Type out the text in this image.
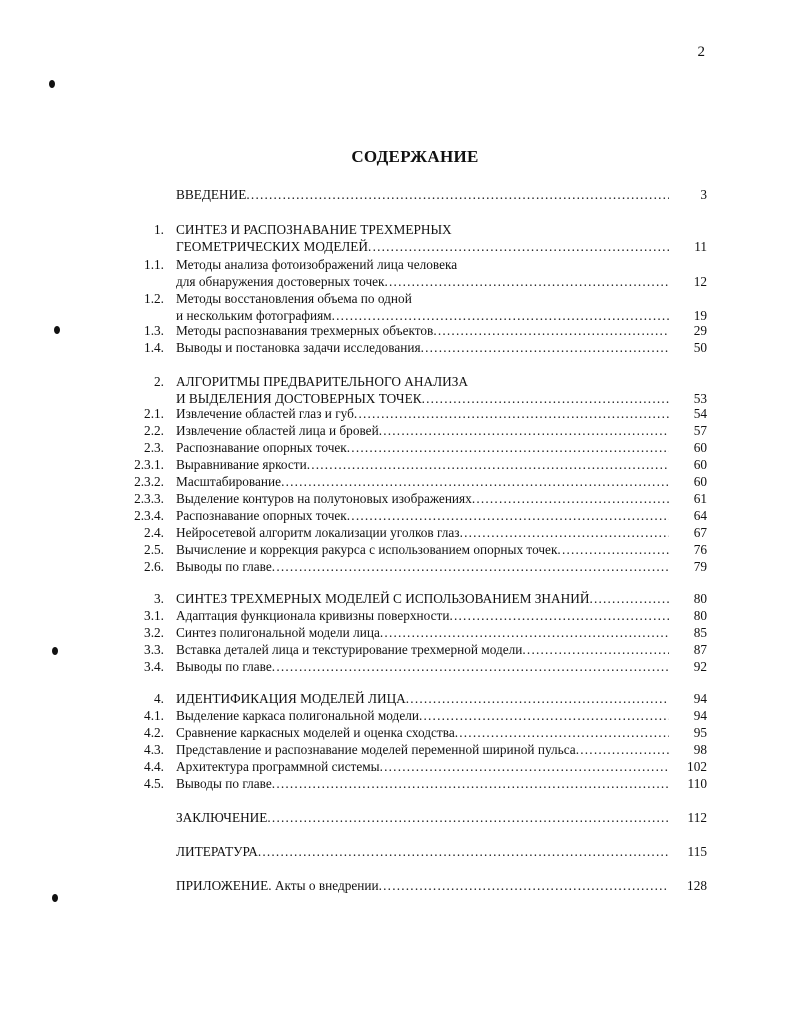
2
СОДЕРЖАНИЕ
ВВЕДЕНИЕ .....	3
1. СИНТЕЗ И РАСПОЗНАВАНИЕ ТРЕХМЕРНЫХ
ГЕОМЕТРИЧЕСКИХ МОДЕЛЕЙ .....	11
1.1. Методы анализа фотоизображений лица человека
для обнаружения достоверных точек .....	12
1.2. Методы восстановления объема по одной
и нескольким фотографиям .....	19
1.3. Методы распознавания трехмерных объектов .....	29
1.4. Выводы и постановка задачи исследования .....	50
2. АЛГОРИТМЫ ПРЕДВАРИТЕЛЬНОГО АНАЛИЗА
И ВЫДЕЛЕНИЯ ДОСТОВЕРНЫХ ТОЧЕК .....	53
2.1. Извлечение областей глаз и губ .....	54
2.2. Извлечение областей лица и бровей .....	57
2.3. Распознавание опорных точек .....	60
2.3.1. Выравнивание яркости .....	60
2.3.2. Масштабирование .....	60
2.3.3. Выделение контуров на полутоновых изображениях .....	61
2.3.4. Распознавание опорных точек .....	64
2.4. Нейросетевой алгоритм локализации уголков глаз .....	67
2.5. Вычисление и коррекция ракурса с использованием опорных точек .....	76
2.6. Выводы по главе .....	79
3. СИНТЕЗ ТРЕХМЕРНЫХ МОДЕЛЕЙ С ИСПОЛЬЗОВАНИЕМ ЗНАНИЙ .....	80
3.1. Адаптация функционала кривизны поверхности .....	80
3.2. Синтез полигональной модели лица .....	85
3.3. Вставка деталей лица и текстурирование трехмерной модели .....	87
3.4. Выводы по главе .....	92
4. ИДЕНТИФИКАЦИЯ МОДЕЛЕЙ ЛИЦА .....	94
4.1. Выделение каркаса полигональной модели .....	94
4.2. Сравнение каркасных моделей и оценка сходства .....	95
4.3. Представление и распознавание моделей переменной шириной пульса .....	98
4.4. Архитектура программной системы .....	102
4.5. Выводы по главе .....	110
ЗАКЛЮЧЕНИЕ .....	112
ЛИТЕРАТУРА .....	115
ПРИЛОЖЕНИЕ. Акты о внедрении .....	128
